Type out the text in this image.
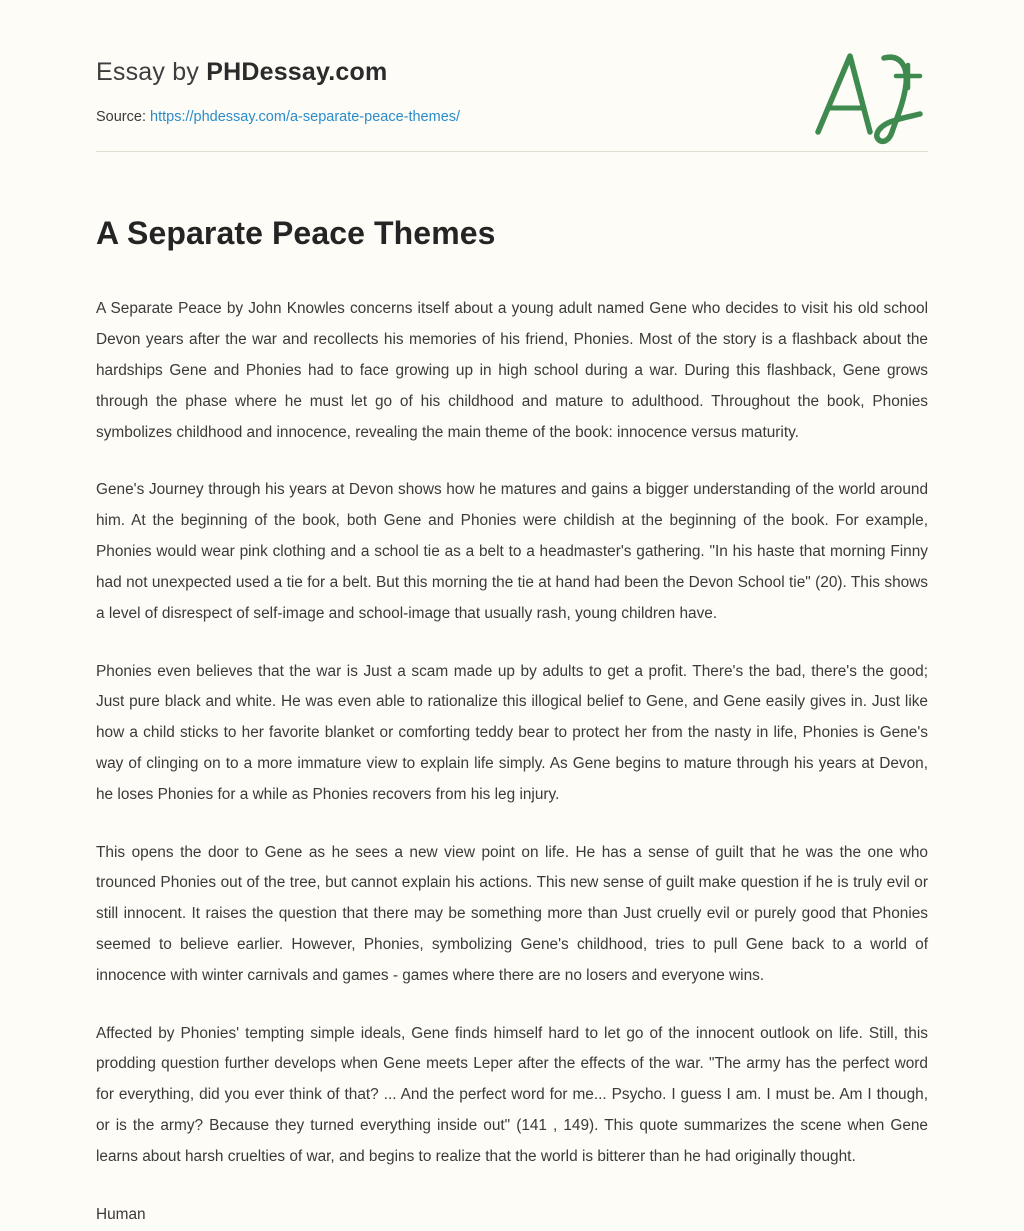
Essay by PHDessay.com
Source: https://phdessay.com/a-separate-peace-themes/
A Separate Peace Themes

A Separate Peace by John Knowles concerns itself about a young adult named Gene who decides to visit his old school Devon years after the war and recollects his memories of his friend, Phonies. Most of the story is a flashback about the hardships Gene and Phonies had to face growing up in high school during a war. During this flashback, Gene grows through the phase where he must let go of his childhood and mature to adulthood. Throughout the book, Phonies symbolizes childhood and innocence, revealing the main theme of the book: innocence versus maturity.

Gene's Journey through his years at Devon shows how he matures and gains a bigger understanding of the world around him. At the beginning of the book, both Gene and Phonies were childish at the beginning of the book. For example, Phonies would wear pink clothing and a school tie as a belt to a headmaster's gathering. "In his haste that morning Finny had not unexpected used a tie for a belt. But this morning the tie at hand had been the Devon School tie" (20). This shows a level of disrespect of self-image and school-image that usually rash, young children have.

Phonies even believes that the war is Just a scam made up by adults to get a profit. There's the bad, there's the good; Just pure black and white. He was even able to rationalize this illogical belief to Gene, and Gene easily gives in. Just like how a child sticks to her favorite blanket or comforting teddy bear to protect her from the nasty in life, Phonies is Gene's way of clinging on to a more immature view to explain life simply. As Gene begins to mature through his years at Devon, he loses Phonies for a while as Phonies recovers from his leg injury.

This opens the door to Gene as he sees a new view point on life. He has a sense of guilt that he was the one who trounced Phonies out of the tree, but cannot explain his actions. This new sense of guilt make question if he is truly evil or still innocent. It raises the question that there may be something more than Just cruelly evil or purely good that Phonies seemed to believe earlier. However, Phonies, symbolizing Gene's childhood, tries to pull Gene back to a world of innocence with winter carnivals and games - games where there are no losers and everyone wins.

Affected by Phonies' tempting simple ideals, Gene finds himself hard to let go of the innocent outlook on life. Still, this prodding question further develops when Gene meets Leper after the effects of the war. "The army has the perfect word for everything, did you ever think of that? ... And the perfect word for me... Psycho. I guess I am. I must be. Am I though, or is the army? Because they turned everything inside out" (141 , 149). This quote summarizes the scene when Gene learns about harsh cruelties of war, and begins to realize that the world is bitterer than he had originally thought.

Human
